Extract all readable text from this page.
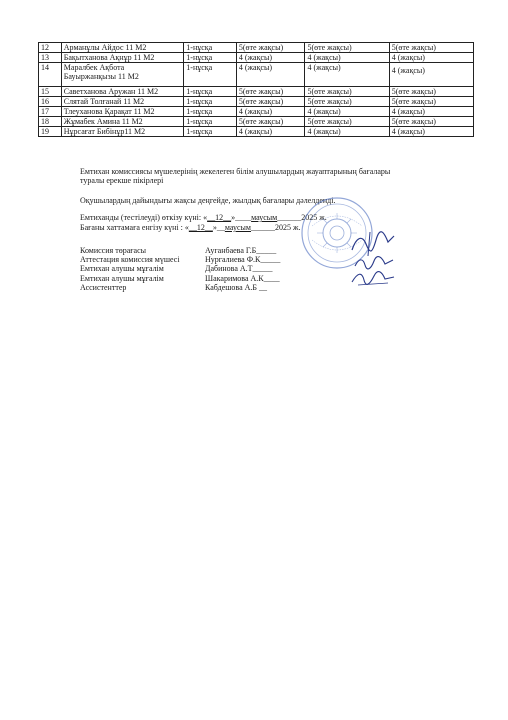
12	Арманұлы Айдос 11 М2	1-нұсқа	5(өте жақсы)	5(өте жақсы)	5(өте жақсы)
13	Бақытханова Ақнұр 11 М2	1-нұсқа	4 (жақсы)	4 (жақсы)	4 (жақсы)
14	Маралбек Ақбота
Бауыржанқызы 11 М2	1-нұсқа	4 (жақсы)	4 (жақсы)	4 (жақсы)
15	Саветханова Аружан 11 М2	1-нұсқа	5(өте жақсы)	5(өте жақсы)	5(өте жақсы)
16	Слятай Толғанай 11 М2	1-нұсқа	5(өте жақсы)	5(өте жақсы)	5(өте жақсы)
17	Тлеуханова Қарақат 11 М2	1-нұсқа	4 (жақсы)	4 (жақсы)	4 (жақсы)
18	Жұмабек Амина 11 М2	1-нұсқа	5(өте жақсы)	5(өте жақсы)	5(өте жақсы)
19	Нұрсағат Бибінұр11 М2	1-нұсқа	4 (жақсы)	4 (жақсы)	4 (жақсы)

Емтихан комиссиясы мүшелерінің жекелеген білім алушылардың жауаптарының бағалары туралы ерекше пікірлері

Оқушылардың дайындығы жақсы деңгейде, жылдық бағалары дәлелденді.

Емтиханды (тестілеуді) өткізу күні: «__12__»____маусым______2025 ж.

Бағаны хаттамаға енгізу күні : «__12__»__маусым______2025 ж.

Комиссия төрағасы	Ауганбаева Г.Б_____
Аттестация комиссия мүшесі	Нургалиева Ф.К_____
Емтихан алушы мұғалім	Дабинова А.Т_____
Емтихан алушы мұғалім	Шакаримова А.К____
Ассистенттер	Кабдешова А.Б __
